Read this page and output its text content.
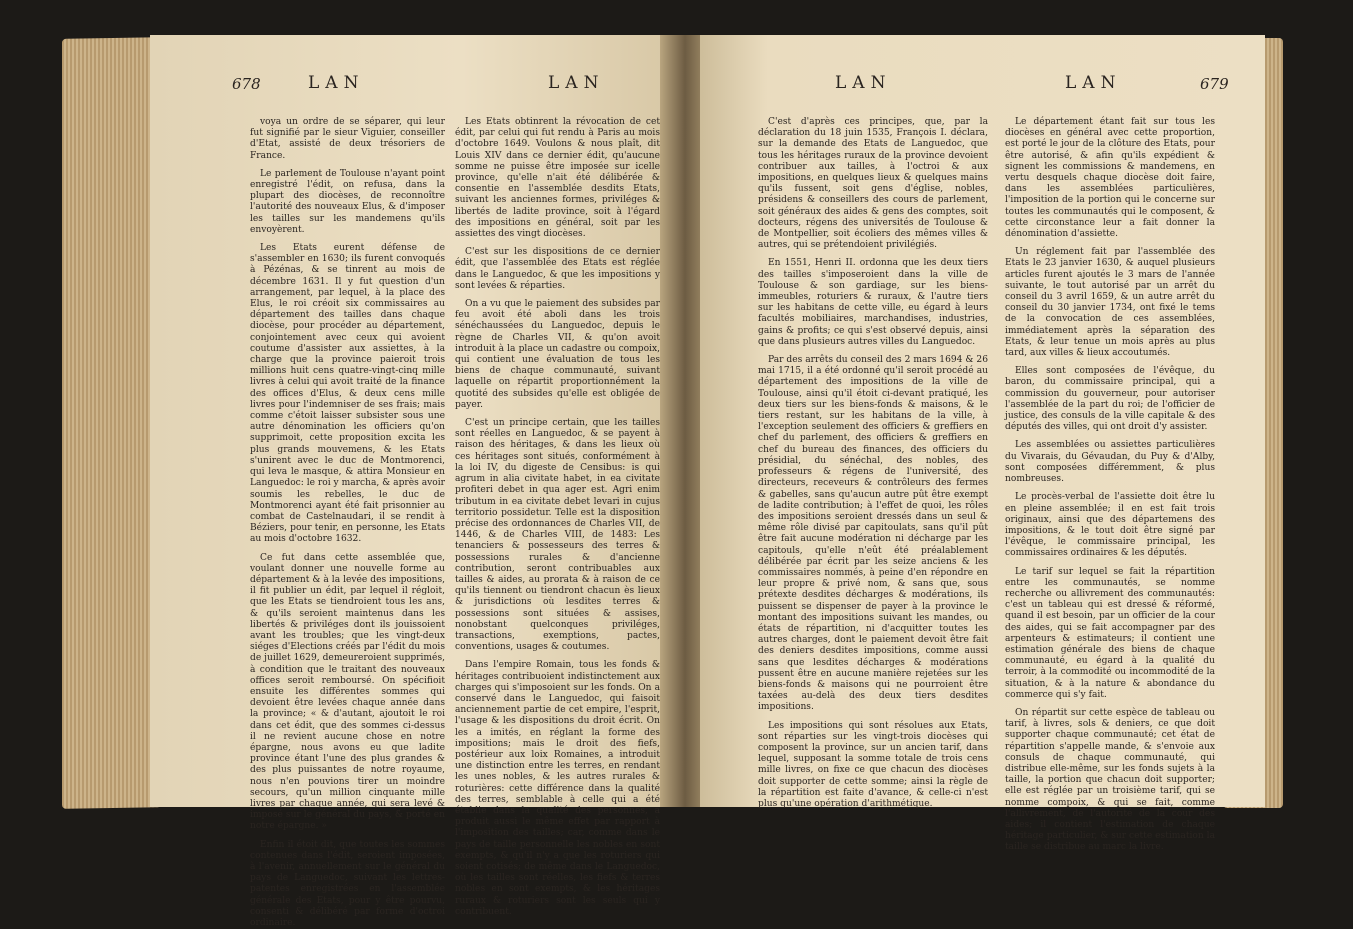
678	LAN	LAN

voya un ordre de se séparer, qui leur fut signifié par le sieur Viguier, conseiller d'Etat, assisté de deux trésoriers de France.

Le parlement de Toulouse n'ayant point enregistré l'édit, on refusa, dans la plupart des diocèses, de reconnoître l'autorité des nouveaux Elus, & d'imposer les tailles sur les mandemens qu'ils envoyèrent.

Les Etats eurent défense de s'assembler en 1630; ils furent convoqués à Pézénas, & se tinrent au mois de décembre 1631. Il y fut question d'un arrangement, par lequel, à la place des Elus, le roi créoit six commissaires au département des tailles dans chaque diocèse, pour procéder au département, conjointement avec ceux qui avoient coutume d'assister aux assiettes, à la charge que la province paieroit trois millions huit cens quatre-vingt-cinq mille livres à celui qui avoit traité de la finance des offices d'Elus, & deux cens mille livres pour l'indemniser de ses frais; mais comme c'étoit laisser subsister sous une autre dénomination les officiers qu'on supprimoit, cette proposition excita les plus grands mouvemens, & les Etats s'unirent avec le duc de Montmorenci, qui leva le masque, & attira Monsieur en Languedoc: le roi y marcha, & après avoir soumis les rebelles, le duc de Montmorenci ayant été fait prisonnier au combat de Castelnaudari, il se rendit à Béziers, pour tenir, en personne, les Etats au mois d'octobre 1632.

Ce fut dans cette assemblée que, voulant donner une nouvelle forme au département & à la levée des impositions, il fit publier un édit, par lequel il régloit, que les Etats se tiendroient tous les ans, & qu'ils seroient maintenus dans les libertés & priviléges dont ils jouissoient avant les troubles; que les vingt-deux siéges d'Elections créés par l'édit du mois de juillet 1629, demeureroient supprimés, à condition que le traitant des nouveaux offices seroit remboursé. On spécifioit ensuite les différentes sommes qui devoient être levées chaque année dans la province; « & d'autant, ajoutoit le roi dans cet édit, que des sommes ci-dessus il ne revient aucune chose en notre épargne, nous avons eu que ladite province étant l'une des plus grandes & des plus puissantes de notre royaume, nous n'en pouvions tirer un moindre secours, qu'un million cinquante mille livres par chaque année, qui sera levé & imposé sur le général du pays, & porté en notre épargne. »

Enfin il étoit dit, que toutes les sommes contenues dans l'édit, seroient imposées, à l'avenir, annuellement sur le général du pays de Languedoc, suivant les lettres-patentes enregistrées en l'assemblée générale des Etats, pour y être pourvu, consenti & délibéré par forme d'octroi ordinaire.

Les Etats obtinrent la révocation de cet édit, par celui qui fut rendu à Paris au mois d'octobre 1649. Voulons & nous plaît, dit Louis XIV dans ce dernier édit, qu'aucune somme ne puisse être imposée sur icelle province, qu'elle n'ait été délibérée & consentie en l'assemblée desdits Etats, suivant les anciennes formes, priviléges & libertés de ladite province, soit à l'égard des impositions en général, soit par les assiettes des vingt diocèses.

C'est sur les dispositions de ce dernier édit, que l'assemblée des Etats est réglée dans le Languedoc, & que les impositions y sont levées & réparties.

On a vu que le paiement des subsides par feu avoit été aboli dans les trois sénéchaussées du Languedoc, depuis le règne de Charles VII, & qu'on avoit introduit à la place un cadastre ou compoix, qui contient une évaluation de tous les biens de chaque communauté, suivant laquelle on répartit proportionnément la quotité des subsides qu'elle est obligée de payer.

C'est un principe certain, que les tailles sont réelles en Languedoc, & se payent à raison des héritages, & dans les lieux où ces héritages sont situés, conformément à la loi IV, du digeste de Censibus: is qui agrum in alia civitate habet, in ea civitate profiteri debet in qua ager est. Agri enim tributum in ea civitate debet levari in cujus territorio possidetur. Telle est la disposition précise des ordonnances de Charles VII, de 1446, & de Charles VIII, de 1483: Les tenanciers & possesseurs des terres & possessions rurales & d'ancienne contribution, seront contribuables aux tailles & aides, au prorata & à raison de ce qu'ils tiennent ou tiendront chacun ès lieux & jurisdictions où lesdites terres & possessions sont situées & assises, nonobstant quelconques priviléges, transactions, exemptions, pactes, conventions, usages & coutumes.

Dans l'empire Romain, tous les fonds & héritages contribuoient indistinctement aux charges qui s'imposoient sur les fonds. On a conservé dans le Languedoc, qui faisoit anciennement partie de cet empire, l'esprit, l'usage & les dispositions du droit écrit. On les a imités, en réglant la forme des impositions; mais le droit des fiefs, postérieur aux loix Romaines, a introduit une distinction entre les terres, en rendant les unes nobles, & les autres rurales & roturières: cette différence dans la qualité des terres, semblable à celle qui a été établie dans la qualité des personnes, a produit aussi le même effet par rapport à l'imposition des tailles; car, comme dans le pays de taille personnelle les nobles en sont exempts, & qu'il n'y a que les roturiers qui soient cotisés; de même dans le Languedoc, où les tailles sont réelles, les fiefs & terres nobles en sont exempts, & les héritages ruraux & roturiers sont les seuls qui y contribuent.

LAN	LAN	679

C'est d'après ces principes, que, par la déclaration du 18 juin 1535, François I. déclara, sur la demande des Etats de Languedoc, que tous les héritages ruraux de la province devoient contribuer aux tailles, à l'octroi & aux impositions, en quelques lieux & quelques mains qu'ils fussent, soit gens d'église, nobles, présidens & conseillers des cours de parlement, soit généraux des aides & gens des comptes, soit docteurs, régens des universités de Toulouse & de Montpellier, soit écoliers des mêmes villes & autres, qui se prétendoient privilégiés.

En 1551, Henri II. ordonna que les deux tiers des tailles s'imposeroient dans la ville de Toulouse & son gardiage, sur les biens-immeubles, roturiers & ruraux, & l'autre tiers sur les habitans de cette ville, eu égard à leurs facultés mobiliaires, marchandises, industries, gains & profits; ce qui s'est observé depuis, ainsi que dans plusieurs autres villes du Languedoc.

Par des arrêts du conseil des 2 mars 1694 & 26 mai 1715, il a été ordonné qu'il seroit procédé au département des impositions de la ville de Toulouse, ainsi qu'il étoit ci-devant pratiqué, les deux tiers sur les biens-fonds & maisons, & le tiers restant, sur les habitans de la ville, à l'exception seulement des officiers & greffiers en chef du parlement, des officiers & greffiers en chef du bureau des finances, des officiers du présidial, du sénéchal, des nobles, des professeurs & régens de l'université, des directeurs, receveurs & contrôleurs des fermes & gabelles, sans qu'aucun autre pût être exempt de ladite contribution; à l'effet de quoi, les rôles des impositions seroient dressés dans un seul & même rôle divisé par capitoulats, sans qu'il pût être fait aucune modération ni décharge par les capitouls, qu'elle n'eût été préalablement délibérée par écrit par les seize anciens & les commissaires nommés, à peine d'en répondre en leur propre & privé nom, & sans que, sous prétexte desdites décharges & modérations, ils puissent se dispenser de payer à la province le montant des impositions suivant les mandes, ou états de répartition, ni d'acquitter toutes les autres charges, dont le paiement devoit être fait des deniers desdites impositions, comme aussi sans que lesdites décharges & modérations pussent être en aucune manière rejetées sur les biens-fonds & maisons qui ne pourroient être taxées au-delà des deux tiers desdites impositions.

Les impositions qui sont résolues aux Etats, sont réparties sur les vingt-trois diocèses qui composent la province, sur un ancien tarif, dans lequel, supposant la somme totale de trois cens mille livres, on fixe ce que chacun des diocèses doit supporter de cette somme; ainsi la règle de la répartition est faite d'avance, & celle-ci n'est plus qu'une opération d'arithmétique.

Le département étant fait sur tous les diocèses en général avec cette proportion, est porté le jour de la clôture des Etats, pour être autorisé, & afin qu'ils expédient & signent les commissions & mandemens, en vertu desquels chaque diocèse doit faire, dans les assemblées particulières, l'imposition de la portion qui le concerne sur toutes les communautés qui le composent, & cette circonstance leur a fait donner la dénomination d'assiette.

Un réglement fait par l'assemblée des Etats le 23 janvier 1630, & auquel plusieurs articles furent ajoutés le 3 mars de l'année suivante, le tout autorisé par un arrêt du conseil du 3 avril 1659, & un autre arrêt du conseil du 30 janvier 1734, ont fixé le tems de la convocation de ces assemblées, immédiatement après la séparation des Etats, & leur tenue un mois après au plus tard, aux villes & lieux accoutumés.

Elles sont composées de l'évêque, du baron, du commissaire principal, qui a commission du gouverneur, pour autoriser l'assemblée de la part du roi; de l'officier de justice, des consuls de la ville capitale & des députés des villes, qui ont droit d'y assister.

Les assemblées ou assiettes particulières du Vivarais, du Gévaudan, du Puy & d'Alby, sont composées différemment, & plus nombreuses.

Le procès-verbal de l'assiette doit être lu en pleine assemblée; il en est fait trois originaux, ainsi que des départemens des impositions, & le tout doit être signé par l'évêque, le commissaire principal, les commissaires ordinaires & les députés.

Le tarif sur lequel se fait la répartition entre les communautés, se nomme recherche ou allivrement des communautés: c'est un tableau qui est dressé & réformé, quand il est besoin, par un officier de la cour des aides, qui se fait accompagner par des arpenteurs & estimateurs; il contient une estimation générale des biens de chaque communauté, eu égard à la qualité du terroir, à la commodité ou incommodité de la situation, & à la nature & abondance du commerce qui s'y fait.

On répartit sur cette espèce de tableau ou tarif, à livres, sols & deniers, ce que doit supporter chaque communauté; cet état de répartition s'appelle mande, & s'envoie aux consuls de chaque communauté, qui distribue elle-même, sur les fonds sujets à la taille, la portion que chacun doit supporter; elle est réglée par un troisième tarif, qui se nomme compoix, & qui se fait, comme l'allivrement, de l'autorité de la cour des aides; il contient l'estimation de chaque héritage particulier, & sur cette estimation la taille se distribue au marc la livre.
